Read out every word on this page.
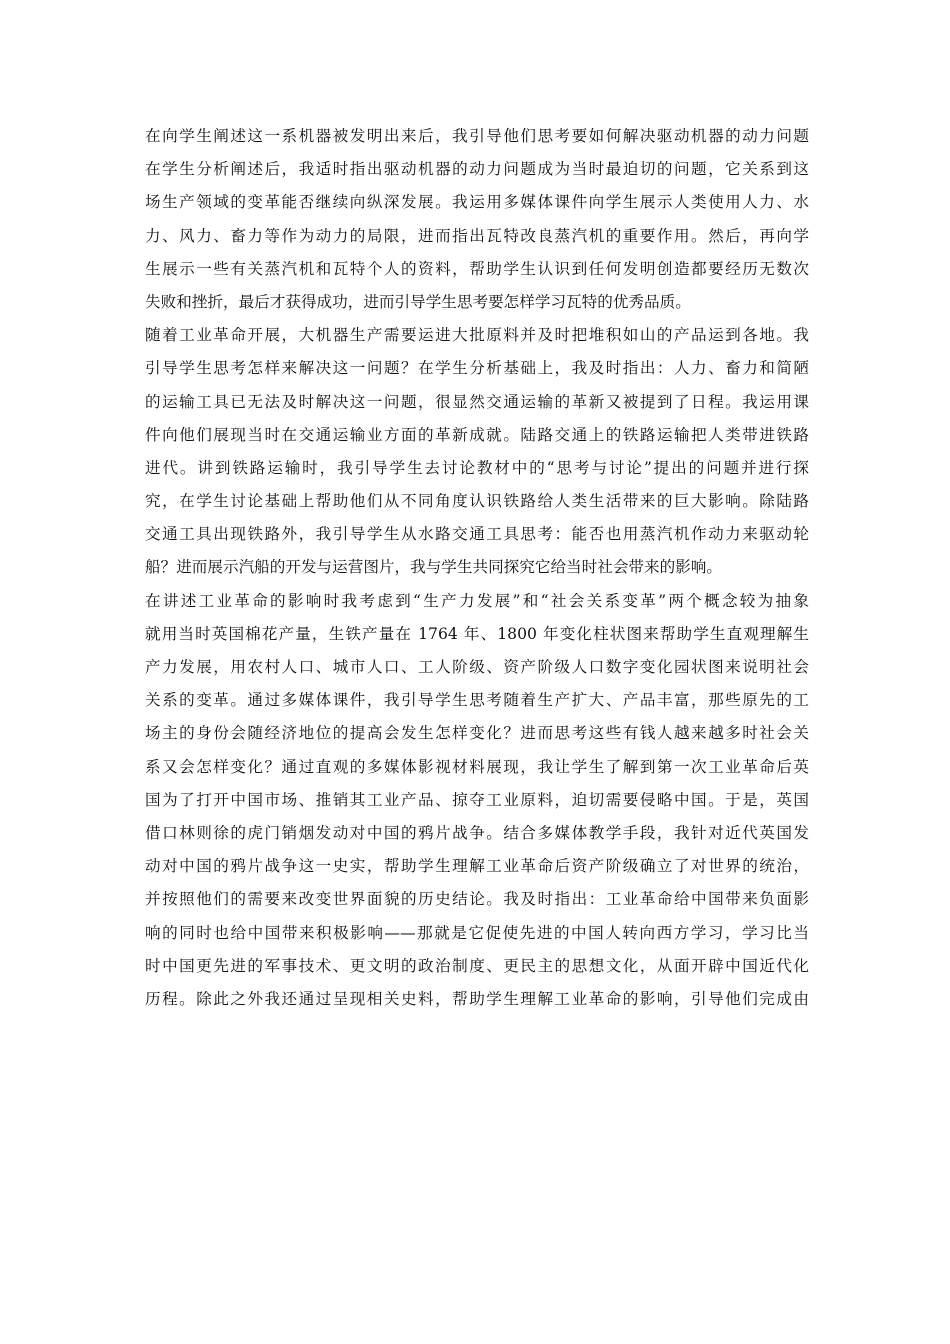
在向学生阐述这一系机器被发明出来后，我引导他们思考要如何解决驱动机器的动力问题
在学生分析阐述后，我适时指出驱动机器的动力问题成为当时最迫切的问题，它关系到这
场生产领域的变革能否继续向纵深发展。我运用多媒体课件向学生展示人类使用人力、水
力、风力、畜力等作为动力的局限，进而指出瓦特改良蒸汽机的重要作用。然后，再向学
生展示一些有关蒸汽机和瓦特个人的资料，帮助学生认识到任何发明创造都要经历无数次
失败和挫折，最后才获得成功，进而引导学生思考要怎样学习瓦特的优秀品质。
随着工业革命开展，大机器生产需要运进大批原料并及时把堆积如山的产品运到各地。我
引导学生思考怎样来解决这一问题？在学生分析基础上，我及时指出：人力、畜力和简陋
的运输工具已无法及时解决这一问题，很显然交通运输的革新又被提到了日程。我运用课
件向他们展现当时在交通运输业方面的革新成就。陆路交通上的铁路运输把人类带进铁路
进代。讲到铁路运输时，我引导学生去讨论教材中的“思考与讨论”提出的问题并进行探
究，在学生讨论基础上帮助他们从不同角度认识铁路给人类生活带来的巨大影响。除陆路
交通工具出现铁路外，我引导学生从水路交通工具思考：能否也用蒸汽机作动力来驱动轮
船？进而展示汽船的开发与运营图片，我与学生共同探究它给当时社会带来的影响。
在讲述工业革命的影响时我考虑到“生产力发展”和“社会关系变革”两个概念较为抽象
就用当时英国棉花产量，生铁产量在 1764 年、1800 年变化柱状图来帮助学生直观理解生
产力发展，用农村人口、城市人口、工人阶级、资产阶级人口数字变化园状图来说明社会
关系的变革。通过多媒体课件，我引导学生思考随着生产扩大、产品丰富，那些原先的工
场主的身份会随经济地位的提高会发生怎样变化？进而思考这些有钱人越来越多时社会关
系又会怎样变化？通过直观的多媒体影视材料展现，我让学生了解到第一次工业革命后英
国为了打开中国市场、推销其工业产品、掠夺工业原料，迫切需要侵略中国。于是，英国
借口林则徐的虎门销烟发动对中国的鸦片战争。结合多媒体教学手段，我针对近代英国发
动对中国的鸦片战争这一史实，帮助学生理解工业革命后资产阶级确立了对世界的统治，
并按照他们的需要来改变世界面貌的历史结论。我及时指出：工业革命给中国带来负面影
响的同时也给中国带来积极影响——那就是它促使先进的中国人转向西方学习，学习比当
时中国更先进的军事技术、更文明的政治制度、更民主的思想文化，从面开辟中国近代化
历程。除此之外我还通过呈现相关史料，帮助学生理解工业革命的影响，引导他们完成由
